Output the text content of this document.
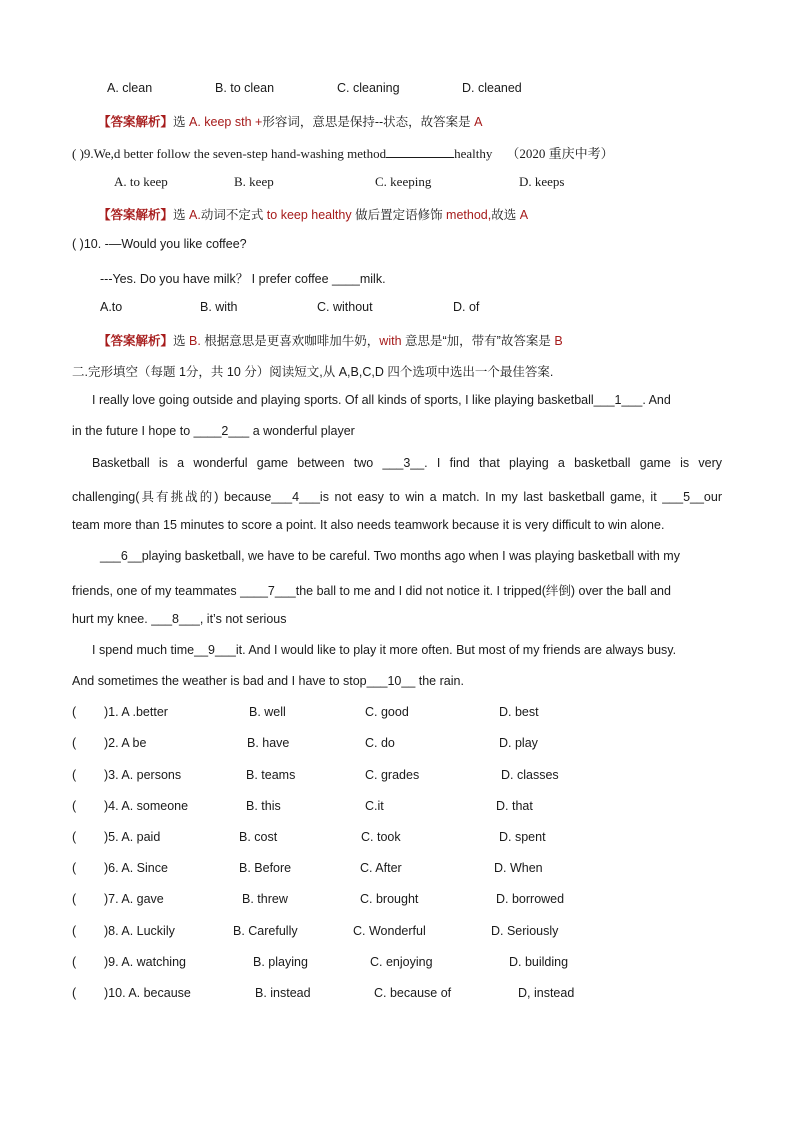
A. clean	B. to clean	C. cleaning	D. cleaned
【答案解析】选 A. keep sth +形容词，意思是保持--状态，故答案是 A
( )9.We,d better follow the seven-step hand-washing method	healthy （2020 重庆中考）
A. to keep	B. keep	C. keeping	D. keeps
【答案解析】选 A.动词不定式 to keep healthy 做后置定语修饰 method,故选 A
( )10. -—Would you like coffee?
---Yes. Do you have milk？ I prefer coffee ____milk.
A.to	B. with	C. without	D. of
【答案解析】选 B. 根据意思是更喜欢咖啡加牛奶，with 意思是“加，带有”故答案是 B
二.完形填空（每题 1分，共 10 分）阅读短文,从 A,B,C,D 四个选项中选出一个最佳答案.
I really love going outside and playing sports. Of all kinds of sports, I like playing basketball___1___. And
in the future I hope to ____2___ a wonderful player
Basketball is a wonderful game between two ___3__. I find that playing a basketball game is very
challenging(具有挑战的) because___4___is not easy to win a match. In my last basketball game, it ___5__our
team more than 15 minutes to score a point. It also needs teamwork because it is very difficult to win alone.
___6__playing basketball, we have to be careful. Two months ago when I was playing basketball with my
friends, one of my teammates ____7___the ball to me and I did not notice it. I tripped(绊倒) over the ball and
hurt my knee. ___8___, it’s not serious
I spend much time__9___it. And I would like to play it more often. But most of my friends are always busy.
And sometimes the weather is bad and I have to stop___10__ the rain.
( )1. A .better	B. well	C. good	D. best
( )2. A be	B. have	C. do	D. play
( )3. A. persons	B. teams	C. grades	D. classes
( )4. A. someone	B. this	C.it	D. that
( )5. A. paid	B. cost	C. took	D. spent
( )6. A. Since	B. Before	C. After	D. When
( )7. A. gave	B. threw	C. brought	D. borrowed
( )8. A. Luckily	B. Carefully	C. Wonderful	D. Seriously
( )9. A. watching	B. playing	C. enjoying	D. building
( )10. A. because	B. instead	C. because of	D, instead
